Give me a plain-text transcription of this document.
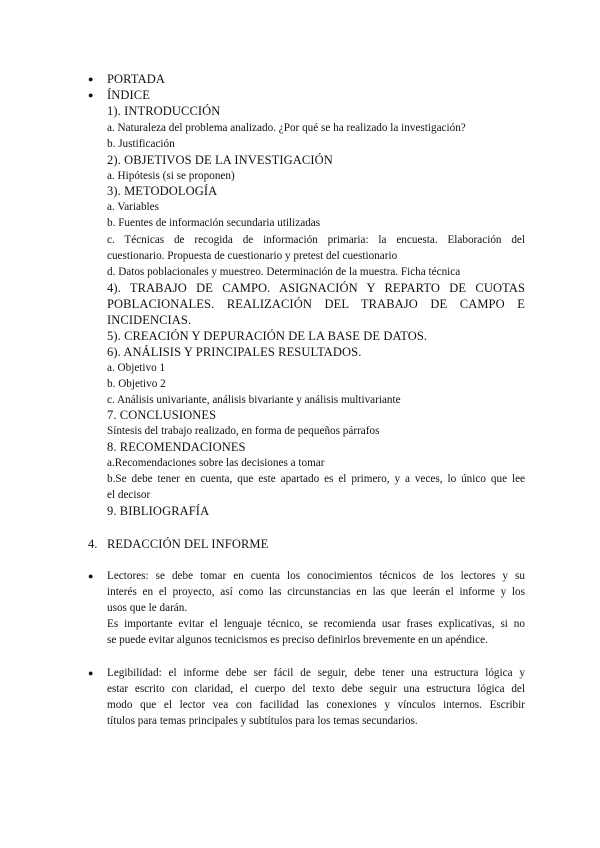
● PORTADA
● ÍNDICE
1). INTRODUCCIÓN
a. Naturaleza del problema analizado. ¿Por qué se ha realizado la investigación?
b. Justificación
2). OBJETIVOS DE LA INVESTIGACIÓN
a. Hipótesis (si se proponen)
3). METODOLOGÍA
a. Variables
b. Fuentes de información secundaria utilizadas
c. Técnicas de recogida de información primaria: la encuesta. Elaboración del
cuestionario. Propuesta de cuestionario y pretest del cuestionario
d. Datos poblacionales y muestreo. Determinación de la muestra. Ficha técnica
4). TRABAJO DE CAMPO. ASIGNACIÓN Y REPARTO DE CUOTAS
POBLACIONALES. REALIZACIÓN DEL TRABAJO DE CAMPO E
INCIDENCIAS.
5). CREACIÓN Y DEPURACIÓN DE LA BASE DE DATOS.
6). ANÁLISIS Y PRINCIPALES RESULTADOS.
a. Objetivo 1
b. Objetivo 2
c. Análisis univariante, análisis bivariante y análisis multivariante
7. CONCLUSIONES
Síntesis del trabajo realizado, en forma de pequeños párrafos
8. RECOMENDACIONES
a.Recomendaciones sobre las decisiones a tomar
b.Se debe tener en cuenta, que este apartado es el primero, y a veces, lo único que lee
el decisor
9. BIBLIOGRAFÍA
4. REDACCIÓN DEL INFORME
● Lectores: se debe tomar en cuenta los conocimientos técnicos de los lectores y su
interés en el proyecto, así como las circunstancias en las que leerán el informe y los
usos que le darán.
Es importante evitar el lenguaje técnico, se recomienda usar frases explicativas, si no
se puede evitar algunos tecnicismos es preciso definirlos brevemente en un apéndice.
● Legibilidad: el informe debe ser fácil de seguir, debe tener una estructura lógica y
estar escrito con claridad, el cuerpo del texto debe seguir una estructura lógica del
modo que el lector vea con facilidad las conexiones y vínculos internos. Escribir
títulos para temas principales y subtítulos para los temas secundarios.
